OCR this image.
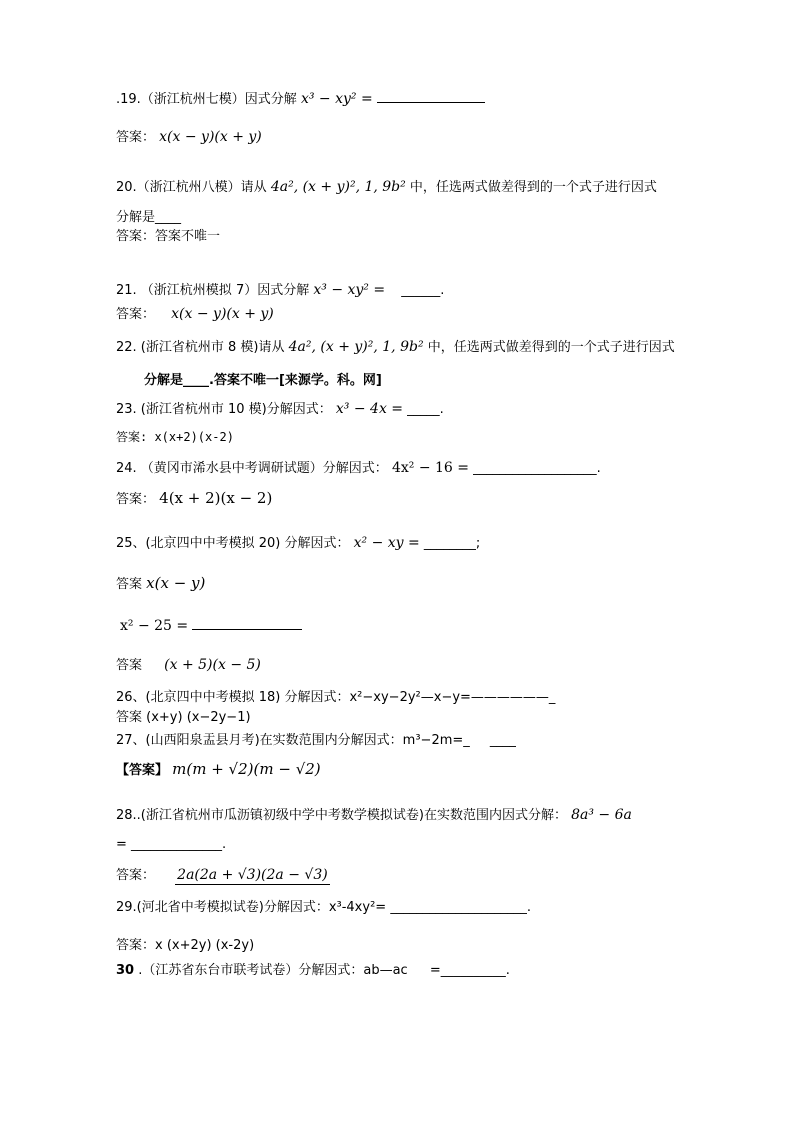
.19.（浙江杭州七模）因式分解 x³ − xy² =
答案： x(x − y)(x + y)
20.（浙江杭州八模）请从 4a², (x + y)², 1, 9b² 中，任选两式做差得到的一个式子进行因式
分解是____
答案：答案不唯一
21. （浙江杭州模拟 7）因式分解 x³ − xy² = ______.
答案： x(x − y)(x + y)
22. (浙江省杭州市 8 模)请从 4a², (x + y)², 1, 9b² 中，任选两式做差得到的一个式子进行因式
分解是____.答案不唯一[来源学。科。网]
23. (浙江省杭州市 10 模)分解因式： x³ − 4x = _____.
答案: x(x+2)(x-2)
24. （黄冈市浠水县中考调研试题）分解因式： 4x² − 16 = ___________________.
答案： 4(x + 2)(x − 2)
25、(北京四中中考模拟 20) 分解因式： x² − xy = ________;
答案 x(x − y)
x² − 25 =
答案 (x + 5)(x − 5)
26、(北京四中中考模拟 18) 分解因式：x²−xy−2y²—x−y=——————_
答案 (x+y) (x−2y−1)
27、(山西阳泉盂县月考)在实数范围内分解因式：m³−2m=_ ____
【答案】 m(m + √2)(m − √2)
28..(浙江省杭州市瓜沥镇初级中学中考数学模拟试卷)在实数范围内因式分解： 8a³ − 6a
= ______________.
答案： 2a(2a + √3)(2a − √3)
29.(河北省中考模拟试卷)分解因式：x³-4xy²= _____________________.
答案：x (x+2y) (x-2y)
30 .（江苏省东台市联考试卷）分解因式：ab—ac =__________.
